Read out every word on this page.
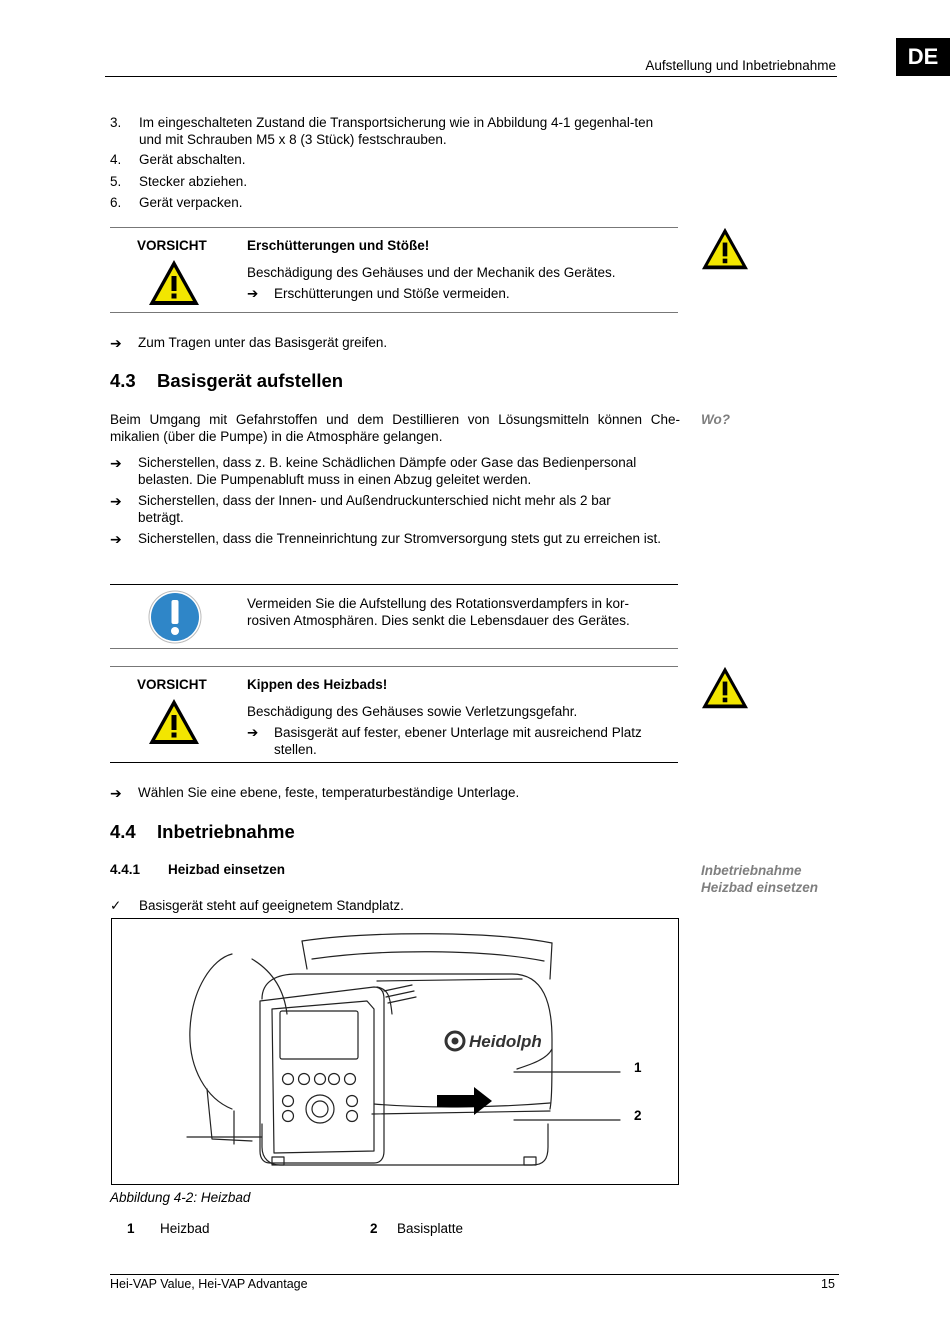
DE
Aufstellung und Inbetriebnahme
3. Im eingeschalteten Zustand die Transportsicherung wie in Abbildung 4-1 gegenhal-ten und mit Schrauben M5 x 8 (3 Stück) festschrauben.
4. Gerät abschalten.
5. Stecker abziehen.
6. Gerät verpacken.
VORSICHT	Erschütterungen und Stöße!
Beschädigung des Gehäuses und der Mechanik des Gerätes.
➔ Erschütterungen und Stöße vermeiden.
➔ Zum Tragen unter das Basisgerät greifen.
4.3 Basisgerät aufstellen
Wo?
Beim Umgang mit Gefahrstoffen und dem Destillieren von Lösungsmitteln können Che-mikalien (über die Pumpe) in die Atmosphäre gelangen.
➔ Sicherstellen, dass z. B. keine Schädlichen Dämpfe oder Gase das Bedienpersonal belasten. Die Pumpenabluft muss in einen Abzug geleitet werden.
➔ Sicherstellen, dass der Innen- und Außendruckunterschied nicht mehr als 2 bar beträgt.
➔ Sicherstellen, dass die Trenneinrichtung zur Stromversorgung stets gut zu erreichen ist.
Vermeiden Sie die Aufstellung des Rotationsverdampfers in kor-rosiven Atmosphären. Dies senkt die Lebensdauer des Gerätes.
VORSICHT	Kippen des Heizbads!
Beschädigung des Gehäuses sowie Verletzungsgefahr.
➔ Basisgerät auf fester, ebener Unterlage mit ausreichend Platz stellen.
➔ Wählen Sie eine ebene, feste, temperaturbeständige Unterlage.
4.4 Inbetriebnahme
4.4.1 Heizbad einsetzen	Inbetriebnahme
Heizbad einsetzen
✓ Basisgerät steht auf geeignetem Standplatz.
Heidolph
1
2
Abbildung 4-2: Heizbad
1 Heizbad	2 Basisplatte
Hei-VAP Value, Hei-VAP Advantage	15
